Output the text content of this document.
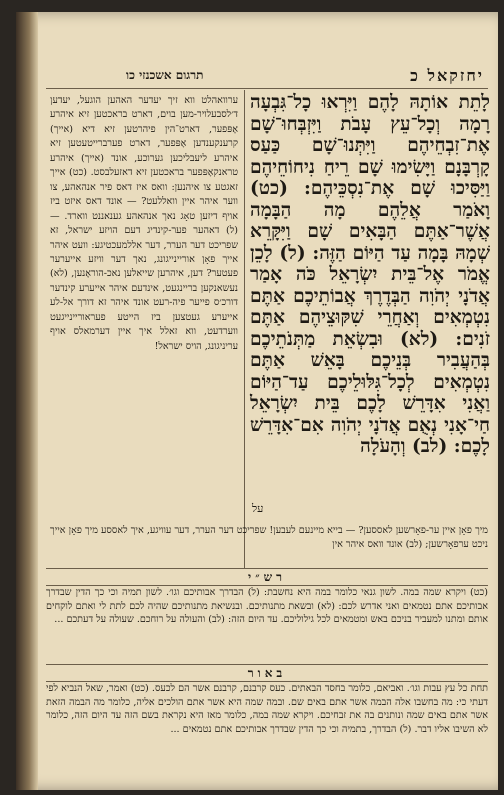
תרגום אשכנזי כו	יחזקאל כ

ערוואהלט ווא זיך יעדער האהען הוגעל, יעדען ד׳לסבעלויר-מען בוים, דארט בראכטען זיא איהרע אָפּפער, דארט־הין פיהרטען זיא דיא (אייך) קרענקענדען אָפּפער, דארט פערברייטעטען זיא איהרע ליעבליכען גערוכע, אונד (אייך) איהרע טראנקאָפּפער בראכטען זיא דאזעלבסט. (כט) אייך זאגטע צו איהנען: וואס איז דאס פיר אנהאהע, צו ווער איהר איין וואללעט? — אונד דאס איזט ביז אויף דיזען טאָג נאך אנהאהע גענאננט ווארד. — (ל) דאהער פער-קינדיג דעם הויזע ישראל, זא שפריכט דער הערר, דער אללמעכטיגע: וועט איהר אייך פאָן אוריינייגונג, נאך דער וויזע אייערער פעטער? דען, איהרען שייאלען נאכ-הוראֶנען, (לא) נעשאנקען בריינגעט, אינדעם איהר אייערע קינדער דורכ׳ס פייער פיה-רעט אונד איהר זא דורך אל-לע אייערע געטצען ביז הייטע פעראוריינייגעט ווערדעט, ווא זאלל איך איין דערמאלס אויף עריניגונג, הויס ישראל!

לָתֵת אוֹתָהּ לָהֶם וַיִּרְאוּ כָל־גִּבְעָה רָמָה וְכָל־עֵץ עָבֹת וַיִּזְבְּחוּ־שָׁם אֶת־זִבְחֵיהֶם וַיִּתְּנוּ־שָׁם כַּעַס קָרְבָּנָם וַיָּשִׂימוּ שָׁם רֵיחַ נִיחוֹחֵיהֶם וַיַּסִּיכוּ שָׁם אֶת־נִסְכֵּיהֶם: (כט) וָאֹמַר אֲלֵהֶם מָה הַבָּמָה אֲשֶׁר־אַתֶּם הַבָּאִים שָׁם וַיִּקָּרֵא שְׁמָהּ בָּמָה עַד הַיּוֹם הַזֶּה: (ל) לָכֵן אֱמֹר אֶל־בֵּית יִשְׂרָאֵל כֹּה אָמַר אֲדֹנָי יְהֹוִה הַבְּדֶרֶךְ אֲבוֹתֵיכֶם אַתֶּם נִטְמְאִים וְאַחֲרֵי שִׁקּוּצֵיהֶם אַתֶּם זֹנִים: (לא) וּבִשְׂאֵת מַתְּנֹתֵיכֶם בְּהַעֲבִיר בְּנֵיכֶם בָּאֵשׁ אַתֶּם נִטְמְאִים לְכָל־גִּלּוּלֵיכֶם עַד־הַיּוֹם וַאֲנִי אִדָּרֵשׁ לָכֶם בֵּית יִשְׂרָאֵל חַי־אָנִי נְאֻם אֲדֹנָי יְהֹוִה אִם־אִדָּרֵשׁ לָכֶם: (לב) וְהָעֹלָה

על

מיך פאָן איין ער-פאָרשען לאססען? — בייא מיינעם לעבען! שפריכט דער הערר, דער עוויגע, איך לאססע מיך פאָן אייך ניכט ערפאָרשען; (לב) אונד וואס איהר אין

רש״י

(כט) ויקרא שמה במה. לשון גנאי כלומר במה היא נחשבת: (ל) הבדרך אבותיכם וגו׳. לשון תמיה וכי כך הדין שבדרך אבותיכם אתם נטמאים ואני אדרש לכם: (לא) ובשאת מתנותיכם. ובנשיאת מתנותיכם שהיה לכם לתת לי ואתם לוקחים אותם ומתנו למעביר בניכם באש ומטמאים לכל גילוליכם. עד היום הזה: (לב) והעולה על רוחכם. שעולה על דעתכם ...

באור

תחת כל עץ עבות וגו׳. ואביאם, כלומר בחסד הבאתים. כעס קרבנם, קרבנם אשר הם לכעס. (כט) ואמר, שאל הנביא לפי דעתי כי: מה בחשבו אלה הבמה אשר אתם באים שם. ובמה שמה היא אשר אתם הולכים אליה, כלומר מה הבמה הזאת אשר אתם באים שמה ונותנים בה את זבחיכם. ויקרא שמה במה, כלומר מאז היא נקראת בשם הזה עד היום הזה, כלומר לא השיבו אליו דבר. (ל) הבדרך, בתמיה וכי כך הדין שבדרך אבותיכם אתם נטמאים ...
